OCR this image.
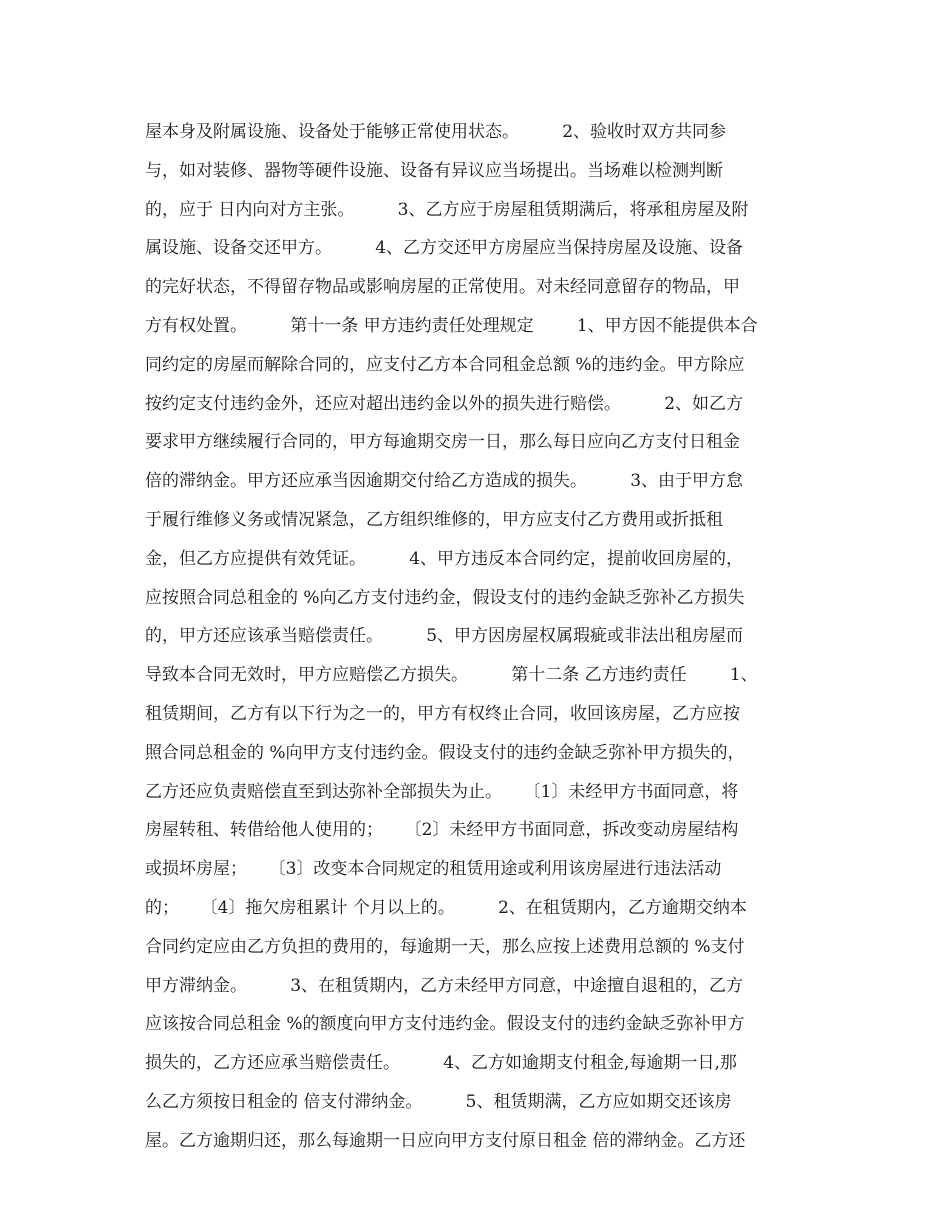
屋本身及附属设施、设备处于能够正常使用状态。        2、验收时双方共同参
与，如对装修、器物等硬件设施、设备有异议应当场提出。当场难以检测判断
的，应于 日内向对方主张。        3、乙方应于房屋租赁期满后，将承租房屋及附
属设施、设备交还甲方。        4、乙方交还甲方房屋应当保持房屋及设施、设备
的完好状态，不得留存物品或影响房屋的正常使用。对未经同意留存的物品，甲
方有权处置。        第十一条 甲方违约责任处理规定        1、甲方因不能提供本合
同约定的房屋而解除合同的，应支付乙方本合同租金总额 %的违约金。甲方除应
按约定支付违约金外，还应对超出违约金以外的损失进行赔偿。        2、如乙方
要求甲方继续履行合同的，甲方每逾期交房一日，那么每日应向乙方支付日租金
倍的滞纳金。甲方还应承当因逾期交付给乙方造成的损失。        3、由于甲方怠
于履行维修义务或情况紧急，乙方组织维修的，甲方应支付乙方费用或折抵租
金，但乙方应提供有效凭证。        4、甲方违反本合同约定，提前收回房屋的，
应按照合同总租金的 %向乙方支付违约金，假设支付的违约金缺乏弥补乙方损失
的，甲方还应该承当赔偿责任。        5、甲方因房屋权属瑕疵或非法出租房屋而
导致本合同无效时，甲方应赔偿乙方损失。        第十二条 乙方违约责任        1、
租赁期间，乙方有以下行为之一的，甲方有权终止合同，收回该房屋，乙方应按
照合同总租金的 %向甲方支付违约金。假设支付的违约金缺乏弥补甲方损失的，
乙方还应负责赔偿直至到达弥补全部损失为止。    〔1〕未经甲方书面同意，将
房屋转租、转借给他人使用的；    〔2〕未经甲方书面同意，拆改变动房屋结构
或损坏房屋；    〔3〕改变本合同规定的租赁用途或利用该房屋进行违法活动
的；    〔4〕拖欠房租累计 个月以上的。        2、在租赁期内，乙方逾期交纳本
合同约定应由乙方负担的费用的，每逾期一天，那么应按上述费用总额的 %支付
甲方滞纳金。        3、在租赁期内，乙方未经甲方同意，中途擅自退租的，乙方
应该按合同总租金 %的额度向甲方支付违约金。假设支付的违约金缺乏弥补甲方
损失的，乙方还应承当赔偿责任。        4、乙方如逾期支付租金,每逾期一日,那
么乙方须按日租金的 倍支付滞纳金。        5、租赁期满，乙方应如期交还该房
屋。乙方逾期归还，那么每逾期一日应向甲方支付原日租金 倍的滞纳金。乙方还
